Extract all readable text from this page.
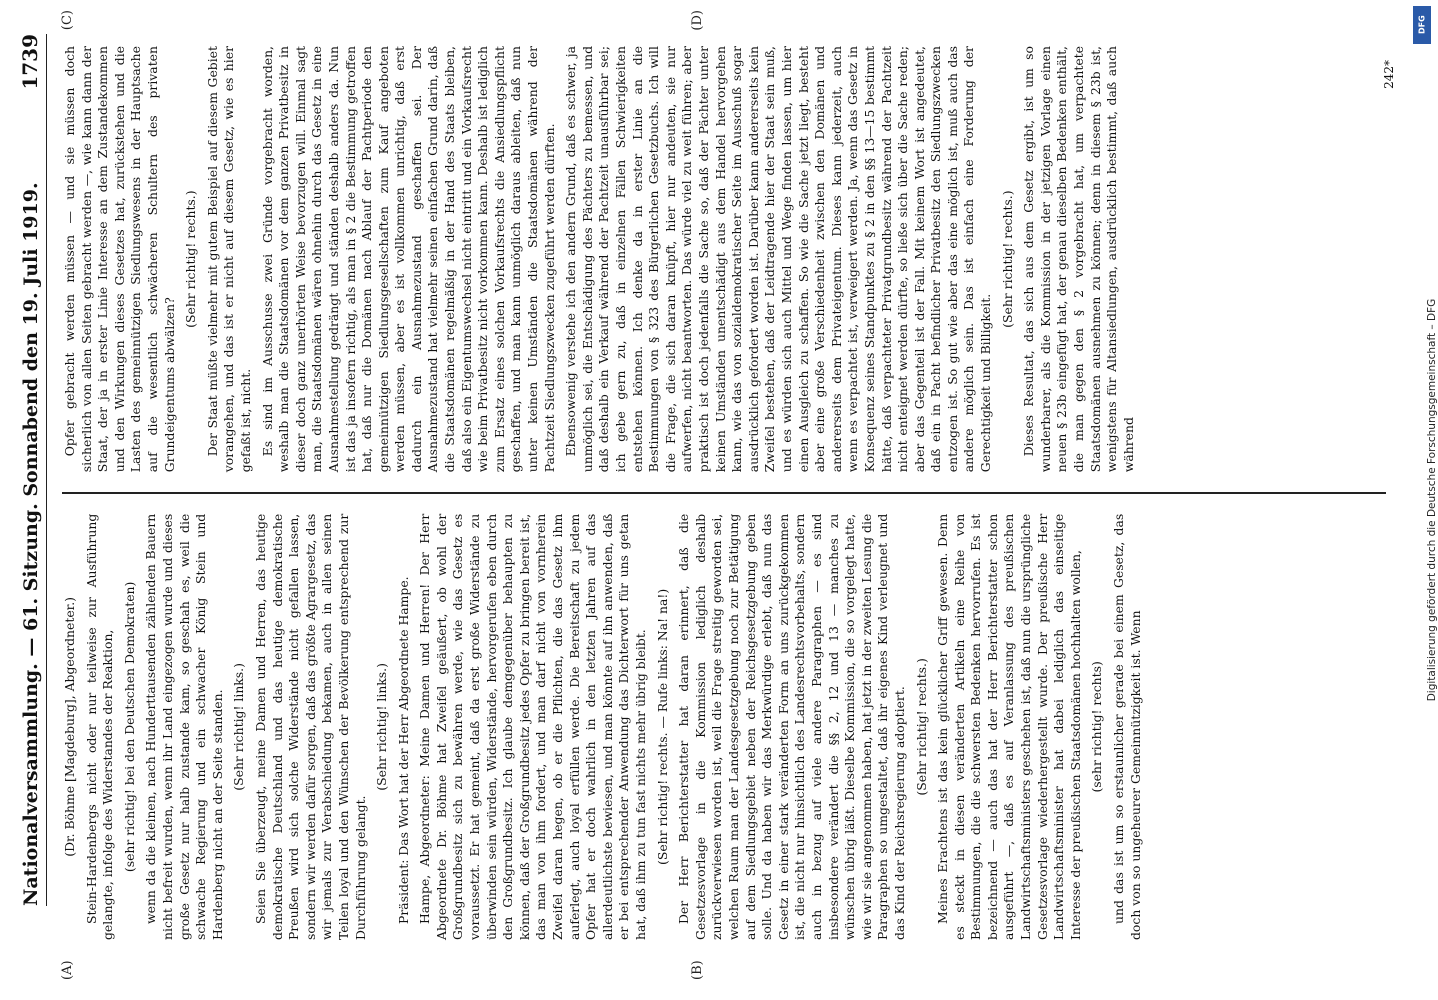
Nationalversammlung. — 61. Sitzung. Sonnabend den 19. Juli 1919.
1739
(A)	(B)
(C)	(D)

(Dr. Böhme [Magdeburg], Abgeordneter.) Stein-Hardenbergs nicht oder nur teilweise zur Ausführung gelangte, infolge des Widerstandes der Reaktion, (sehr richtig! bei den Deutschen Demokraten) wenn da die kleinen, nach Hunderttausenden zählenden Bauern nicht befreit wurden, wenn ihr Land eingezogen wurde und dieses große Gesetz nur halb zustande kam, so geschah es, weil die schwache Regierung und ein schwacher König Stein und Hardenberg nicht an der Seite standen. (Sehr richtig! links.) Seien Sie überzeugt, meine Damen und Herren, das heutige demokratische Deutschland und das heutige demokratische Preußen wird sich solche Widerstände nicht gefallen lassen, sondern wir werden dafür sorgen, daß das größte Agrargesetz, das wir jemals zur Verabschiedung bekamen, auch in allen seinen Teilen loyal und den Wünschen der Bevölkerung entsprechend zur Durchführung gelangt.

(Sehr richtig! links.) Präsident: Das Wort hat der Herr Abgeordnete Hampe. Hampe, Abgeordneter: Meine Damen und Herren! Der Herr Abgeordnete Dr. Böhme hat Zweifel geäußert, ob wohl der Großgrundbesitz sich zu bewähren werde, wie das Gesetz es voraussetzt. Er hat gemeint, daß da erst große Widerstände zu überwinden sein würden, Widerstände, hervorgerufen eben durch den Großgrundbesitz. Ich glaube demgegenüber behaupten zu können, daß der Großgrundbesitz jedes Opfer zu bringen bereit ist, das man von ihm fordert, und man darf nicht von vornherein Zweifel daran hegen, ob er die Pflichten, die das Gesetz ihm auferlegt, auch loyal erfüllen werde. Die Bereitschaft zu jedem Opfer hat er doch wahrlich in den letzten Jahren auf das allerdeutlichste bewiesen, und man könnte auf ihn anwenden, daß er bei entsprechender Anwendung das Dichterwort für uns getan hat, daß ihm zu tun fast nichts mehr übrig bleibt. (Sehr richtig! rechts. — Rufe links: Na! na!) Der Herr Berichterstatter hat daran erinnert, daß die Gesetzesvorlage in die Kommission lediglich deshalb zurückverwiesen worden ist, weil die Frage streitig geworden sei, welchen Raum man der Landesgesetzgebung noch zur Betätigung auf dem Siedlungsgebiet neben der Reichsgesetzgebung geben solle. Und da haben wir das Merkwürdige erlebt, daß nun das Gesetz in einer stark veränderten Form an uns zurückgekommen ist, die nicht nur hinsichtlich des Landesrechtsvorbehalts, sondern auch in bezug auf viele andere Paragraphen — es sind insbesondere verändert die §§ 2, 12 und 13 — manches zu wünschen übrig läßt. Dieselbe Kommission, die so vorgelegt hatte, wie wir sie angenommen haben, hat jetzt in der zweiten Lesung die Paragraphen so umgestaltet, daß ihr eigenes Kind verleugnet und das Kind der Reichsregierung adoptiert. (Sehr richtig! rechts.) Meines Erachtens ist das kein glücklicher Griff gewesen. Denn es steckt in diesen veränderten Artikeln eine Reihe von Bestimmungen, die die schwersten Bedenken hervorrufen. Es ist bezeichnend — auch das hat der Herr Berichterstatter schon ausgeführt —, daß es auf Veranlassung des preußischen Landwirtschaftsministers geschehen ist, daß nun die ursprüngliche Gesetzesvorlage wiederhergestellt wurde. Der preußische Herr Landwirtschaftsminister hat dabei lediglich das einseitige Interesse der preußischen Staatsdomänen hochhalten wollen, (sehr richtig! rechts) und das ist um so erstaunlicher gerade bei einem Gesetz, das doch von so ungeheurer Gemeinnützigkeit ist. Wenn

Opfer gebracht werden müssen — und sie müssen doch sicherlich von allen Seiten gebracht werden —, wie kann dann der Staat, der ja in erster Linie Interesse an dem Zustandekommen und den Wirkungen dieses Gesetzes hat, zurückstehen und die Lasten des gemeinnützigen Siedlungswesens in der Hauptsache auf die wesentlich schwächeren Schultern des privaten Grundeigentums abwälzen?

(Sehr richtig! rechts.) Der Staat müßte vielmehr mit gutem Beispiel auf diesem Gebiet vorangehen, und das ist er nicht auf diesem Gesetz, wie es hier gefaßt ist, nicht. Es sind im Ausschusse zwei Gründe vorgebracht worden, weshalb man die Staatsdomänen vor dem ganzen Privatbesitz in dieser doch ganz unerhörten Weise bevorzugen will. Einmal sagt man, die Staatsdomänen wären ohnehin durch das Gesetz in eine Ausnahmestellung gedrängt und ständen deshalb anders da. Nun ist das ja insofern richtig, als man in § 2 die Bestimmung getroffen hat, daß nur die Domänen nach Ablauf der Pachtperiode den gemeinnützigen Siedlungsgesellschaften zum Kauf angeboten werden müssen, aber es ist vollkommen unrichtig, daß erst dadurch ein Ausnahmezustand geschaffen sei. Der Ausnahmezustand hat vielmehr seinen einfachen Grund darin, daß die Staatsdomänen regelmäßig in der Hand des Staats bleiben, daß also ein Eigentumswechsel nicht eintritt und ein Vorkaufsrecht wie beim Privatbesitz nicht vorkommen kann. Deshalb ist lediglich zum Ersatz eines solchen Vorkaufsrechts die Ansiedlungspflicht geschaffen, und man kann unmöglich daraus ableiten, daß nun unter keinen Umständen die Staatsdomänen während der Pachtzeit Siedlungszwecken zugeführt werden dürften. Ebensowenig verstehe ich den andern Grund, daß es schwer, ja unmöglich sei, die Entschädigung des Pächters zu bemessen, und daß deshalb ein Verkauf während der Pachtzeit unausführbar sei; ich gebe gern zu, daß in einzelnen Fällen Schwierigkeiten entstehen können. Ich denke da in erster Linie an die Bestimmungen von § 323 des Bürgerlichen Gesetzbuchs. Ich will die Frage, die sich daran knüpft, hier nur andeuten, sie nur aufwerfen, nicht beantworten. Das würde viel zu weit führen; aber praktisch ist doch jedenfalls die Sache so, daß der Pächter unter keinen Umständen unentschädigt aus dem Handel hervorgehen kann, wie das von sozialdemokratischer Seite im Ausschuß sogar ausdrücklich gefordert worden ist. Darüber kann andererseits kein Zweifel bestehen, daß der Leidtragende hier der Staat sein muß, und es würden sich auch Mittel und Wege finden lassen, um hier einen Ausgleich zu schaffen. So wie die Sache jetzt liegt, besteht aber eine große Verschiedenheit zwischen den Domänen und andererseits dem Privateigentum. Dieses kann jederzeit, auch wenn es verpachtet ist, verweigert werden. Ja, wenn das Gesetz in Konsequenz seines Standpunktes zu § 2 in den §§ 13—15 bestimmt hätte, daß verpachteter Privatgrundbesitz während der Pachtzeit nicht enteignet werden dürfte, so ließe sich über die Sache reden; aber das Gegenteil ist der Fall. Mit keinem Wort ist angedeutet, daß ein in Pacht befindlicher Privatbesitz den Siedlungszwecken entzogen ist. So gut wie aber das eine möglich ist, muß auch das andere möglich sein. Das ist einfach eine Forderung der Gerechtigkeit und Billigkeit.

(Sehr richtig! rechts.) Dieses Resultat, das sich aus dem Gesetz ergibt, ist um so wunderbarer, als die Kommission in der jetzigen Vorlage einen neuen § 23b eingefügt hat, der genau dieselben Bedenken enthält, die man gegen den § 2 vorgebracht hat, um verpachtete Staatsdomänen ausnehmen zu können; denn in diesem § 23b ist, wenigstens für Altansiedlungen, ausdrücklich bestimmt, daß auch während

242*
DFG
Digitalisierung gefördert durch die Deutsche Forschungsgemeinschaft – DFG
